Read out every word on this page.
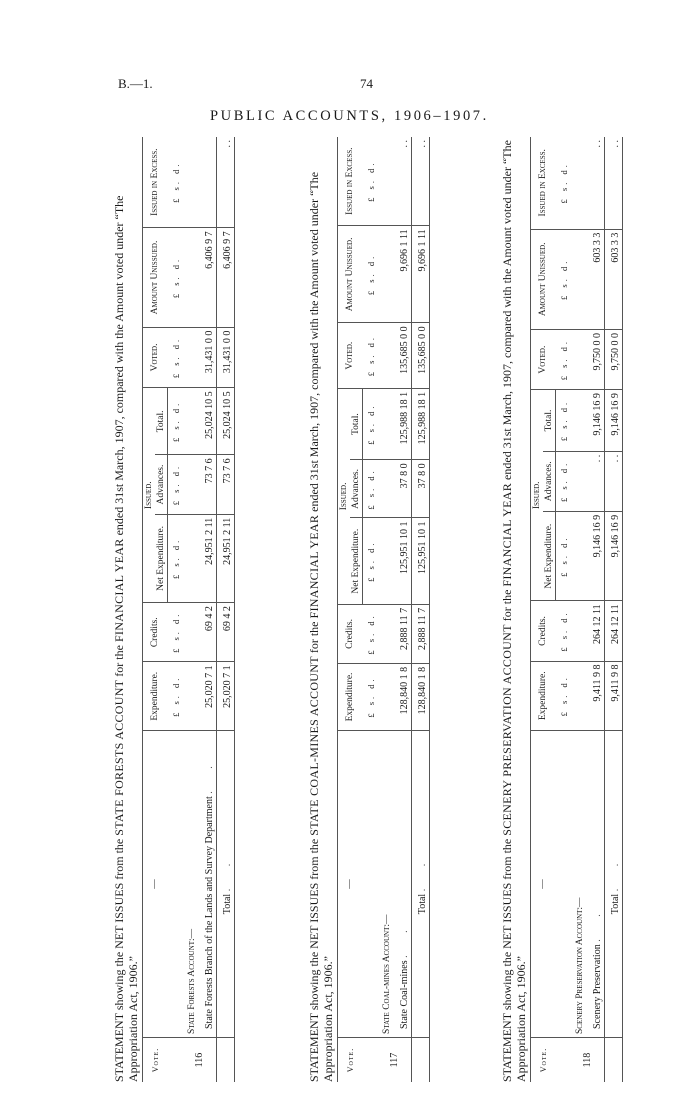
B.—1.	74
PUBLIC ACCOUNTS, 1906–1907.
STATEMENT showing the NET ISSUES from the STATE FORESTS ACCOUNT for the FINANCIAL YEAR ended 31st March, 1907, compared with the Amount voted under “The Appropriation Act, 1906.” Vote.	—	Expenditure.	Credits.	Issued.			Voted.	Amount Unissued.	Issued in Excess.
				Net Expenditure.	Advances.	Total.			
		£ s. d.	£ s. d.	£ s. d.	£ s. d.	£ s. d.	£ s. d.	£ s. d.	£ s. d.
116	State Forests Account:—								
	State Forests Branch of the Lands and Survey Department . .	25,020 7 1	69 4 2	24,951 2 11	73 7 6	25,024 10 5	31,431 0 0	6,406 9 7	
	Total . .	25,020 7 1	69 4 2	24,951 2 11	73 7 6	25,024 10 5	31,431 0 0	6,406 9 7	. .
STATEMENT showing the NET ISSUES from the STATE COAL-MINES ACCOUNT for the FINANCIAL YEAR ended 31st March, 1907, compared with the Amount voted under “The Appropriation Act, 1906.” Vote.	—	Expenditure.	Credits.	Issued.			Voted.	Amount Unissued.	Issued in Excess.
				Net Expenditure.	Advances.	Total.			
		£ s. d.	£ s. d.	£ s. d.	£ s. d.	£ s. d.	£ s. d.	£ s. d.	£ s. d.
117	State Coal-mines Account:—								
	State Coal-mines . .	128,840 1 8	2,888 11 7	125,951 10 1	37 8 0	125,988 18 1	135,685 0 0	9,696 1 11	. .
	Total . .	128,840 1 8	2,888 11 7	125,951 10 1	37 8 0	125,988 18 1	135,685 0 0	9,696 1 11	. .
STATEMENT showing the NET ISSUES from the SCENERY PRESERVATION ACCOUNT for the FINANCIAL YEAR ended 31st March, 1907, compared with the Amount voted under “The Appropriation Act, 1906.” Vote.	—	Expenditure.	Credits.	Issued.			Voted.	Amount Unissued.	Issued in Excess.
				Net Expenditure.	Advances.	Total.			
		£ s. d.	£ s. d.	£ s. d.	£ s. d.	£ s. d.	£ s. d.	£ s. d.	£ s. d.
118	Scenery Preservation Account:—								
	Scenery Preservation . .	9,411 9 8	264 12 11	9,146 16 9	. .	9,146 16 9	9,750 0 0	603 3 3	. .
	Total . .	9,411 9 8	264 12 11	9,146 16 9	. .	9,146 16 9	9,750 0 0	603 3 3	. .
